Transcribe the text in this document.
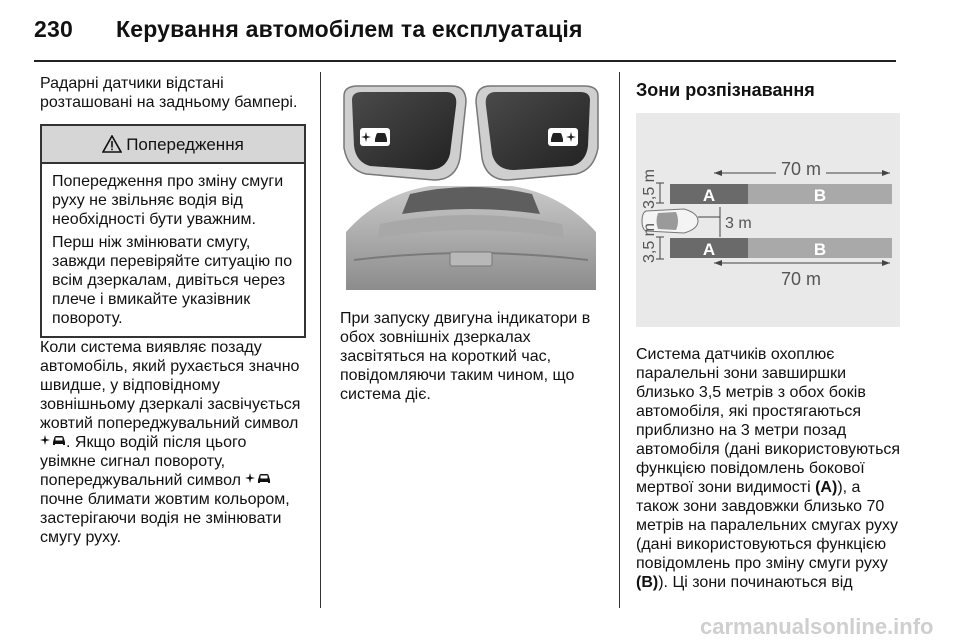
230 Керування автомобілем та експлуатація

Радарні датчики відстані розташовані на задньому бампері.

Попередження

Попередження про зміну смуги руху не звільняє водія від необхідності бути уважним.

Перш ніж змінювати смугу, завжди перевіряйте ситуацію по всім дзеркалам, дивіться через плече і вмикайте указівник повороту.

Коли система виявляє позаду автомобіль, який рухається значно швидше, у відповідному зовнішньому дзеркалі засвічується жовтий попереджувальний символ . Якщо водій після цього увімкне сигнал повороту, попереджувальний символ  почне блимати жовтим кольором, застерігаючи водія не змінювати смугу руху.

При запуску двигуна індикатори в обох зовнішніх дзеркалах засвітяться на короткий час, повідомляючи таким чином, що система діє.
Зони розпізнавання
70 m
3,5 m	A	B
3 m
A	B
3,5 m
70 m
Система датчиків охоплює паралельні зони завширшки близько 3,5 метрів з обох боків автомобіля, які простягаються приблизно на 3 метри позад автомобіля (дані використовуються функцією повідомлень бокової мертвої зони видимості (A)), а також зони завдовжки близько 70 метрів на паралельних смугах руху (дані використовуються функцією повідомлень про зміну смуги руху (B)). Ці зони починаються від
carmanualsonline.info
